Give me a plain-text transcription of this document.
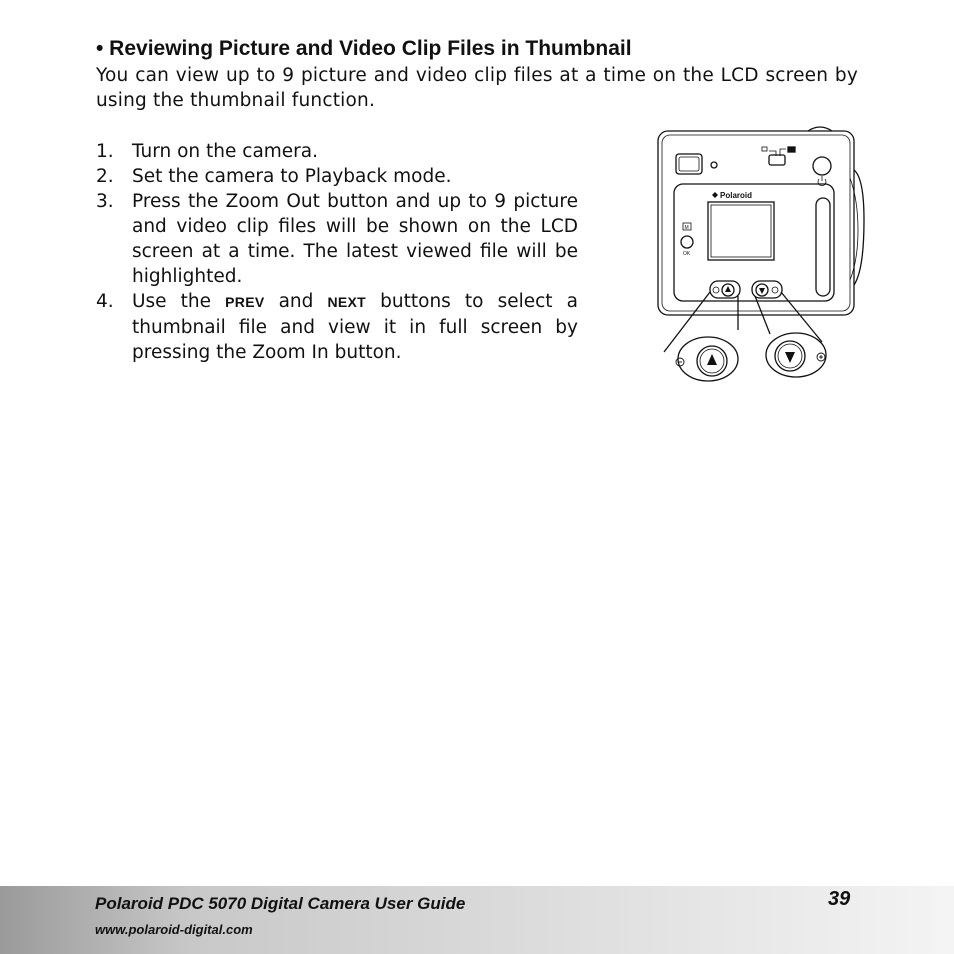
• Reviewing Picture and Video Clip Files in Thumbnail
You can view up to 9 picture and video clip files at a time on the LCD screen by using the thumbnail function.
1. Turn on the camera.
2. Set the camera to Playback mode.
3. Press the Zoom Out button and up to 9 picture and video clip files will be shown on the LCD screen at a time. The latest viewed file will be highlighted.
4. Use the PREV and NEXT buttons to select a thumbnail file and view it in full screen by pressing the Zoom In button.
Polaroid
OK
M
Polaroid PDC 5070 Digital Camera User Guide
www.polaroid-digital.com
39
